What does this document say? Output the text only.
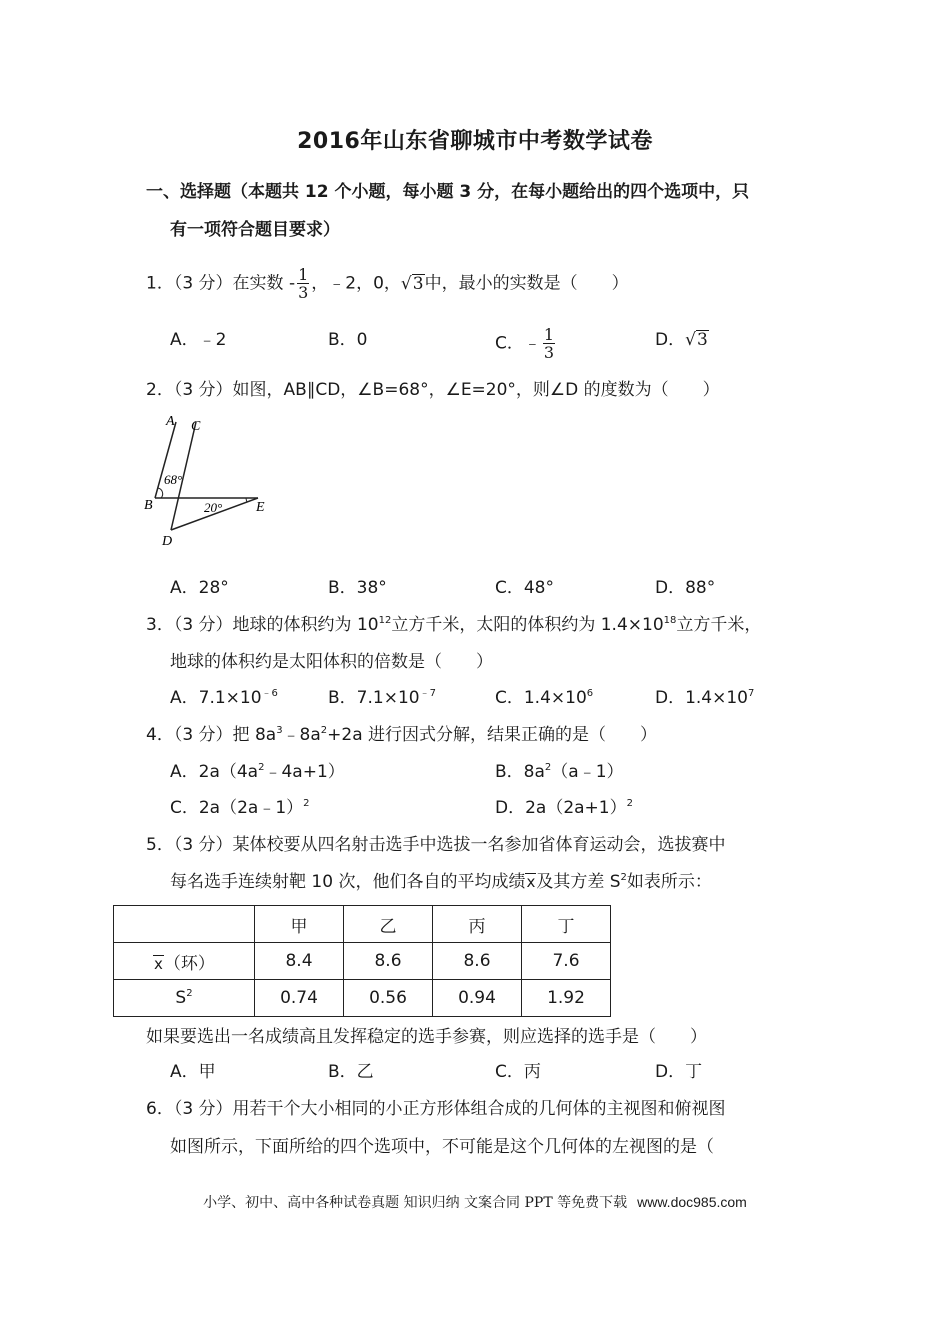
2016年山东省聊城市中考数学试卷
一、选择题（本题共 12 个小题，每小题 3 分，在每小题给出的四个选项中，只
有一项符合题目要求）
1．（3 分）在实数 - $\frac{1}{3}$ ，﹣2，0，√3中，最小的实数是（　　）
A．﹣2	B．0	C．﹣ $\frac{1}{3}$	D．√3
2．（3 分）如图，AB∥CD，∠B=68°，∠E=20°，则∠D 的度数为（　　）
A C
B	E
D
68°
20°
A．28°	B．38°	C．48°	D．88°
3．（3 分）地球的体积约为 $10^{12}$立方千米，太阳的体积约为 $1.4\times 10^{18}$立方千米，
地球的体积约是太阳体积的倍数是（　　）
A．$7.1\times 10^{﹣6}$	B．$7.1\times 10^{﹣7}$	C．$1.4\times 10^6$	D．$1.4\times 10^7$
4．（3 分）把 $8a^3﹣8a^2+2a$ 进行因式分解，结果正确的是（　　）
A．$2a(4a^2﹣4a+1)$	B．$8a^2(a﹣1)$
C．2a（2a﹣1）$^2$	D．$2a(2a+1)^2$
5．（3 分）某体校要从四名射击选手中选拔一名参加省体育运动会，选拔赛中
每名选手连续射靶 10 次，他们各自的平均成绩x及其方差 $S^2$如表所示：
	甲	乙	丙	丁
x（环）	8.4	8.6	8.6	7.6
$S^2$	0.74	0.56	0.94	1.92
如果要选出一名成绩高且发挥稳定的选手参赛，则应选择的选手是（　　）
A．甲	B．乙	C．丙	D．丁
6．（3 分）用若干个大小相同的小正方形体组合成的几何体的主视图和俯视图
如图所示，下面所给的四个选项中，不可能是这个几何体的左视图的是（
小学、初中、高中各种试卷真题 知识归纳 文案合同 PPT 等免费下载 www.doc985.com
